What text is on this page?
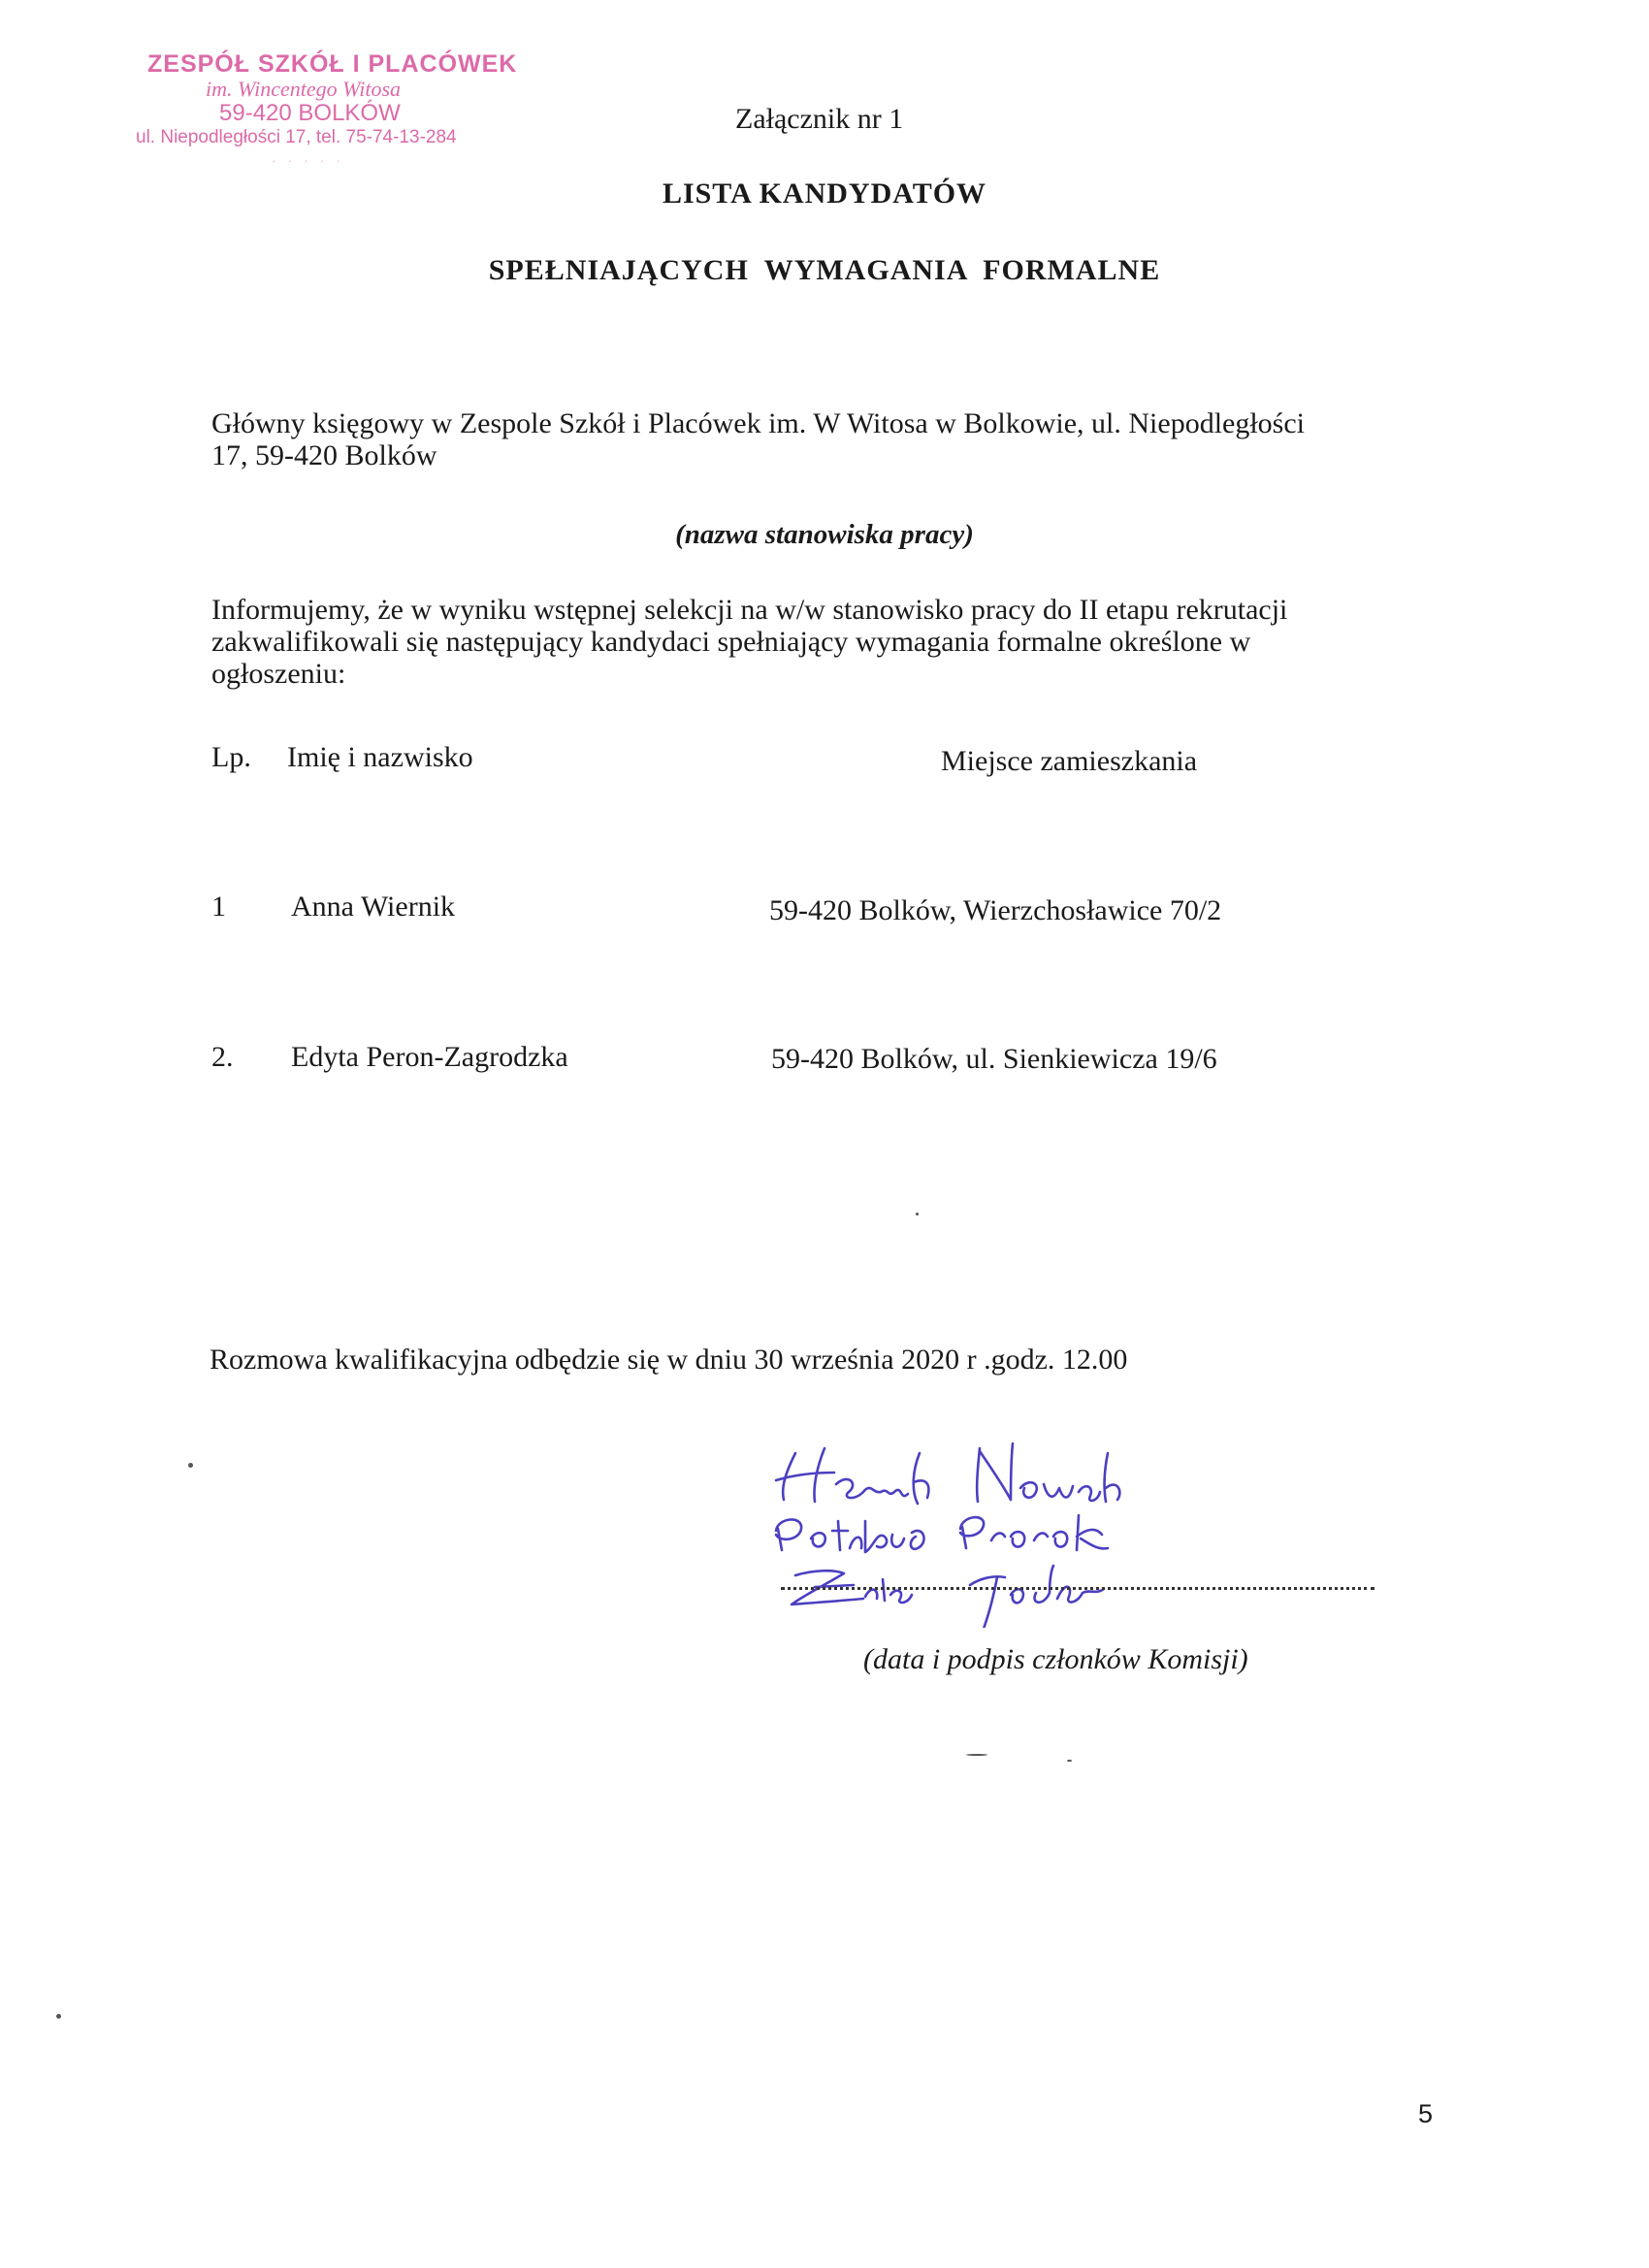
ZESPÓŁ SZKÓŁ I PLACÓWEK
im. Wincentego Witosa
59-420 BOLKÓW
ul. Niepodległości 17, tel. 75-74-13-284
· · · · ·
Załącznik nr 1
LISTA KANDYDATÓW
SPEŁNIAJĄCYCH WYMAGANIA FORMALNE
Główny księgowy w Zespole Szkół i Placówek im. W Witosa w Bolkowie, ul. Niepodległości
17, 59-420 Bolków
(nazwa stanowiska pracy)
Informujemy, że w wyniku wstępnej selekcji na w/w stanowisko pracy do II etapu rekrutacji
zakwalifikowali się następujący kandydaci spełniający wymagania formalne określone w
ogłoszeniu:
Lp. Imię i nazwisko	Miejsce zamieszkania
1 Anna Wiernik	59-420 Bolków, Wierzchosławice 70/2
2. Edyta Peron-Zagrodzka	59-420 Bolków, ul. Sienkiewicza 19/6
Rozmowa kwalifikacyjna odbędzie się w dniu 30 września 2020 r .godz. 12.00
(data i podpis członków Komisji)
5
